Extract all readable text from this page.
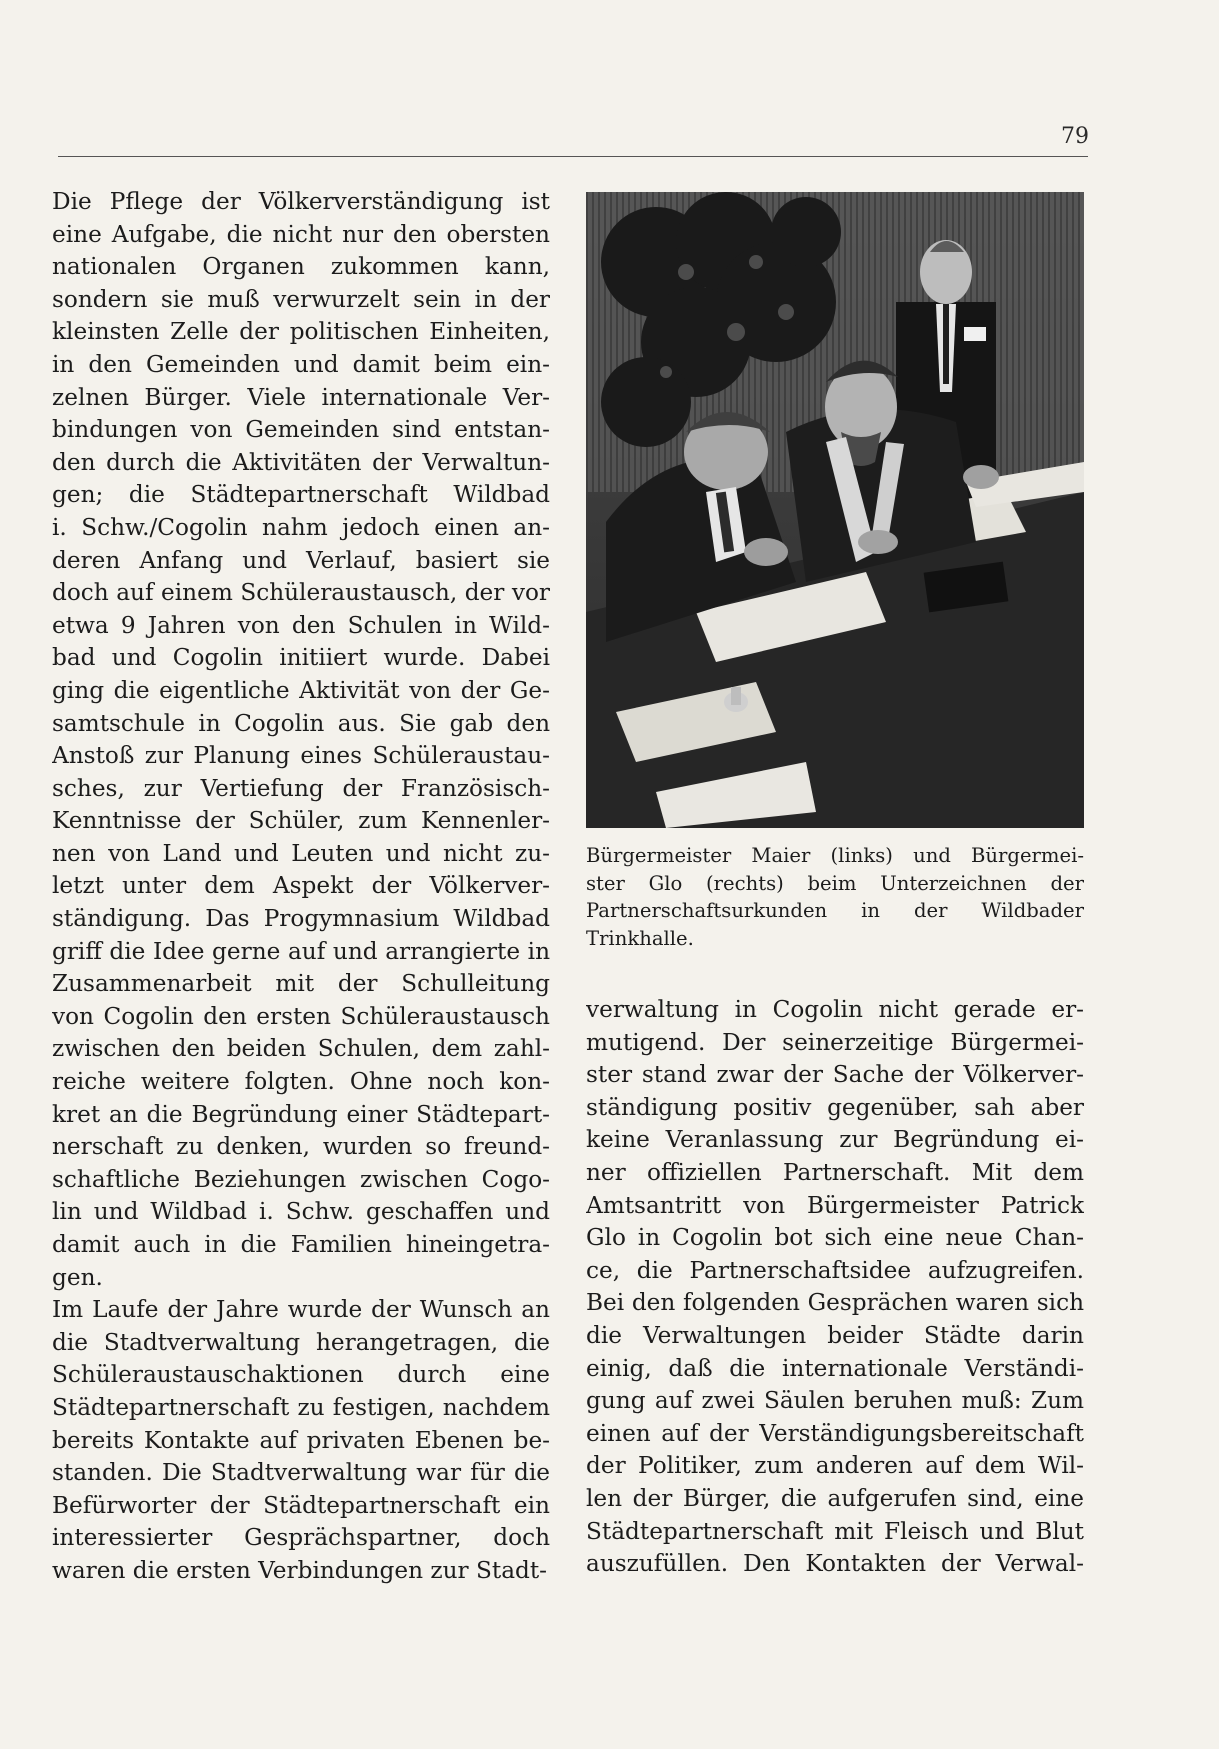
79
Die Pflege der Völkerverständigung ist
eine Aufgabe, die nicht nur den obersten
nationalen Organen zukommen kann,
sondern sie muß verwurzelt sein in der
kleinsten Zelle der politischen Einheiten,
in den Gemeinden und damit beim ein-
zelnen Bürger. Viele internationale Ver-
bindungen von Gemeinden sind entstan-
den durch die Aktivitäten der Verwaltun-
gen; die Städtepartnerschaft Wildbad
i. Schw./Cogolin nahm jedoch einen an-
deren Anfang und Verlauf, basiert sie
doch auf einem Schüleraustausch, der vor
etwa 9 Jahren von den Schulen in Wild-
bad und Cogolin initiiert wurde. Dabei
ging die eigentliche Aktivität von der Ge-
samtschule in Cogolin aus. Sie gab den
Anstoß zur Planung eines Schüleraustau-
sches, zur Vertiefung der Französisch-
Kenntnisse der Schüler, zum Kennenler-
nen von Land und Leuten und nicht zu-
letzt unter dem Aspekt der Völkerver-
ständigung. Das Progymnasium Wildbad
griff die Idee gerne auf und arrangierte in
Zusammenarbeit mit der Schulleitung
von Cogolin den ersten Schüleraustausch
zwischen den beiden Schulen, dem zahl-
reiche weitere folgten. Ohne noch kon-
kret an die Begründung einer Städtepart-
nerschaft zu denken, wurden so freund-
schaftliche Beziehungen zwischen Cogo-
lin und Wildbad i. Schw. geschaffen und
damit auch in die Familien hineingetra-
gen.
Im Laufe der Jahre wurde der Wunsch an
die Stadtverwaltung herangetragen, die
Schüleraustauschaktionen durch eine
Städtepartnerschaft zu festigen, nachdem
bereits Kontakte auf privaten Ebenen be-
standen. Die Stadtverwaltung war für die
Befürworter der Städtepartnerschaft ein
interessierter Gesprächspartner, doch
waren die ersten Verbindungen zur Stadt-
Bürgermeister Maier (links) und Bürgermei-
ster Glo (rechts) beim Unterzeichnen der
Partnerschaftsurkunden in der Wildbader
Trinkhalle.
verwaltung in Cogolin nicht gerade er-
mutigend. Der seinerzeitige Bürgermei-
ster stand zwar der Sache der Völkerver-
ständigung positiv gegenüber, sah aber
keine Veranlassung zur Begründung ei-
ner offiziellen Partnerschaft. Mit dem
Amtsantritt von Bürgermeister Patrick
Glo in Cogolin bot sich eine neue Chan-
ce, die Partnerschaftsidee aufzugreifen.
Bei den folgenden Gesprächen waren sich
die Verwaltungen beider Städte darin
einig, daß die internationale Verständi-
gung auf zwei Säulen beruhen muß: Zum
einen auf der Verständigungsbereitschaft
der Politiker, zum anderen auf dem Wil-
len der Bürger, die aufgerufen sind, eine
Städtepartnerschaft mit Fleisch und Blut
auszufüllen. Den Kontakten der Verwal-
